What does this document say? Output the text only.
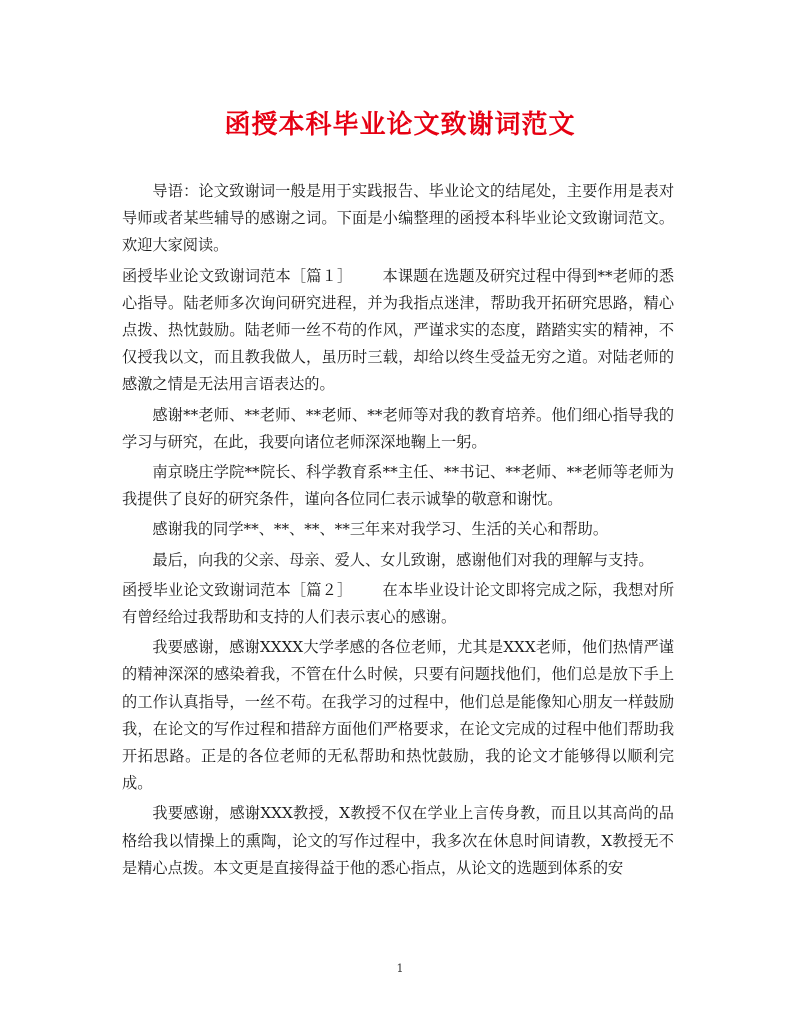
函授本科毕业论文致谢词范文

导语：论文致谢词一般是用于实践报告、毕业论文的结尾处，主要作用是表对导师或者某些辅导的感谢之词。下面是小编整理的函授本科毕业论文致谢词范文。欢迎大家阅读。

函授毕业论文致谢词范本［篇１］ 本课题在选题及研究过程中得到**老师的悉心指导。陆老师多次询问研究进程，并为我指点迷津，帮助我开拓研究思路，精心点拨、热忱鼓励。陆老师一丝不苟的作风，严谨求实的态度，踏踏实实的精神，不仅授我以文，而且教我做人，虽历时三载，却给以终生受益无穷之道。对陆老师的感激之情是无法用言语表达的。

感谢**老师、**老师、**老师、**老师等对我的教育培养。他们细心指导我的学习与研究，在此，我要向诸位老师深深地鞠上一躬。

南京晓庄学院**院长、科学教育系**主任、**书记、**老师、**老师等老师为我提供了良好的研究条件，谨向各位同仁表示诚挚的敬意和谢忱。

感谢我的同学**、**、**、**三年来对我学习、生活的关心和帮助。

最后，向我的父亲、母亲、爱人、女儿致谢，感谢他们对我的理解与支持。

函授毕业论文致谢词范本［篇２］ 在本毕业设计论文即将完成之际，我想对所有曾经给过我帮助和支持的人们表示衷心的感谢。

我要感谢，感谢XXXX大学孝感的各位老师，尤其是XXX老师，他们热情严谨的精神深深的感染着我，不管在什么时候，只要有问题找他们，他们总是放下手上的工作认真指导，一丝不苟。在我学习的过程中，他们总是能像知心朋友一样鼓励我，在论文的写作过程和措辞方面他们严格要求，在论文完成的过程中他们帮助我开拓思路。正是的各位老师的无私帮助和热忱鼓励，我的论文才能够得以顺利完成。

我要感谢，感谢XXX教授，X教授不仅在学业上言传身教，而且以其高尚的品格给我以情操上的熏陶，论文的写作过程中，我多次在休息时间请教，X教授无不是精心点拨。本文更是直接得益于他的悉心指点，从论文的选题到体系的安

1
